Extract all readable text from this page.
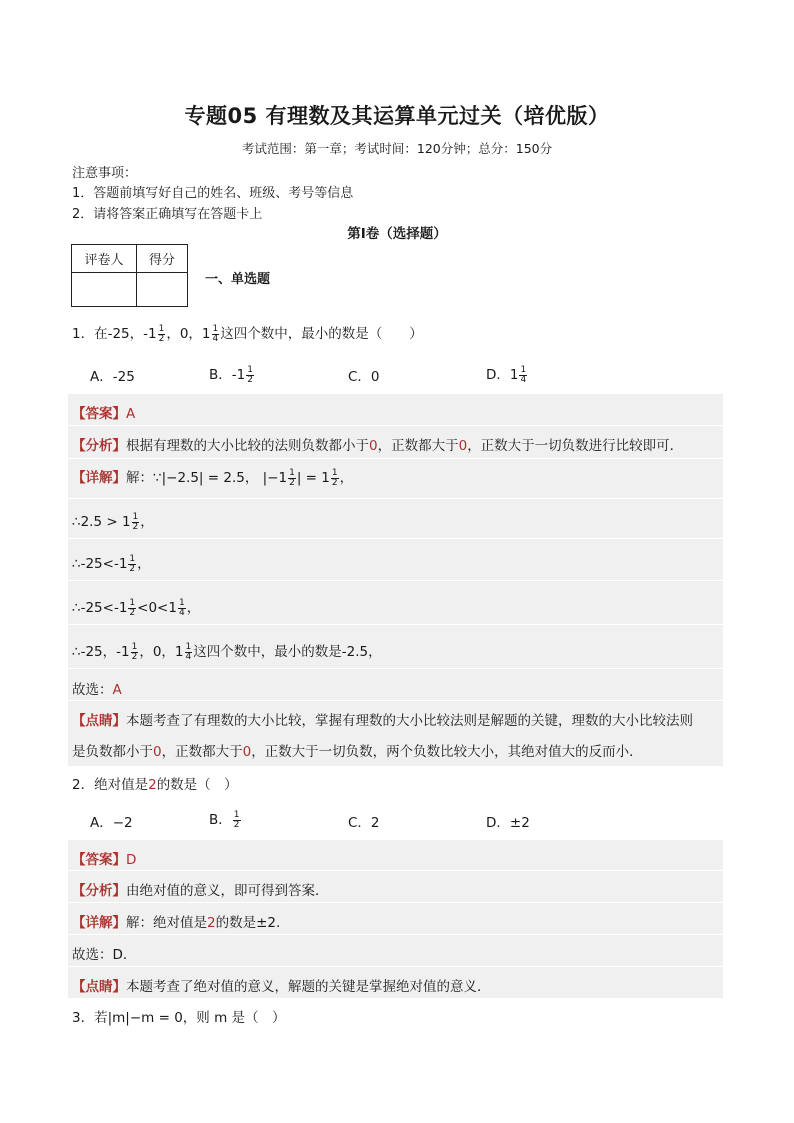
专题05 有理数及其运算单元过关（培优版）
考试范围：第一章；考试时间：120分钟；总分：150分
注意事项：
1．答题前填写好自己的姓名、班级、考号等信息
2．请将答案正确填写在答题卡上
第I卷（选择题）
评卷人	得分

一、单选题
1．在-25，$-1 \frac{1}{2}$ ，0，$1 \frac{1}{4}$ 这四个数中，最小的数是（　　）
A．-25	B．$-1 \frac{1}{2}$	C．0	D．$1 \frac{1}{4}$
【答案】A
【分析】根据有理数的大小比较的法则负数都小于0，正数都大于0，正数大于一切负数进行比较即可．
【详解】解：∵|−2.5| = 2.5， $|-1 \frac{1}{2}$ | = $1 \frac{1}{2}$ ，
∴2.5 > $1 \frac{1}{2}$ ，
∴-25<-1 $\frac{1}{2}$ ，
∴-25<-1 $\frac{1}{2} <0<1 \frac{1}{4}$ ，
∴-25，$-1 \frac{1}{2}$ ，0，$1 \frac{1}{4}$ 这四个数中，最小的数是-2.5，
故选：A
【点睛】本题考查了有理数的大小比较，掌握有理数的大小比较法则是解题的关键，理数的大小比较法则
是负数都小于0，正数都大于0，正数大于一切负数，两个负数比较大小，其绝对值大的反而小．
2．绝对值是2的数是（　）
A．−2	B． $\frac{1}{2}$	C．2	D．±2
【答案】D
【分析】由绝对值的意义，即可得到答案．
【详解】解：绝对值是2的数是±2.
故选：D．
【点睛】本题考查了绝对值的意义，解题的关键是掌握绝对值的意义．
3．若|m|−m = 0，则 m 是（　）
